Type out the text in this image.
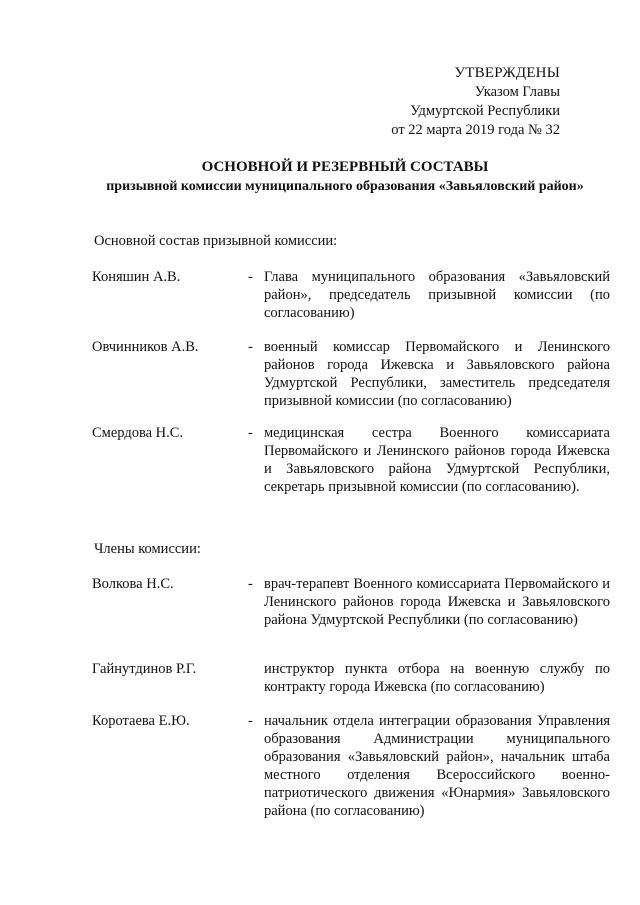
УТВЕРЖДЕНЫ
Указом Главы
Удмуртской Республики
от 22 марта 2019 года № 32
ОСНОВНОЙ И РЕЗЕРВНЫЙ СОСТАВЫ
призывной комиссии муниципального образования «Завьяловский район»
Основной состав призывной комиссии:
Коняшин А.В.	- Глава муниципального образования «Завьяловский район», председатель призывной комиссии (по согласованию)
Овчинников А.В.	- военный комиссар Первомайского и Ленинского районов города Ижевска и Завьяловского района Удмуртской Республики, заместитель председателя призывной комиссии (по согласованию)
Смердова Н.С.	- медицинская сестра Военного комиссариата Первомайского и Ленинского районов города Ижевска и Завьяловского района Удмуртской Республики, секретарь призывной комиссии (по согласованию).
Члены комиссии:
Волкова Н.С.	- врач-терапевт Военного комиссариата Первомайского и Ленинского районов города Ижевска и Завьяловского района Удмуртской Республики (по согласованию)
Гайнутдинов Р.Г.	инструктор пункта отбора на военную службу по контракту города Ижевска (по согласованию)
Коротаева Е.Ю.	- начальник отдела интеграции образования Управления образования Администрации муниципального образования «Завьяловский район», начальник штаба местного отделения Всероссийского военно-патриотического движения «Юнармия» Завьяловского района (по согласованию)
